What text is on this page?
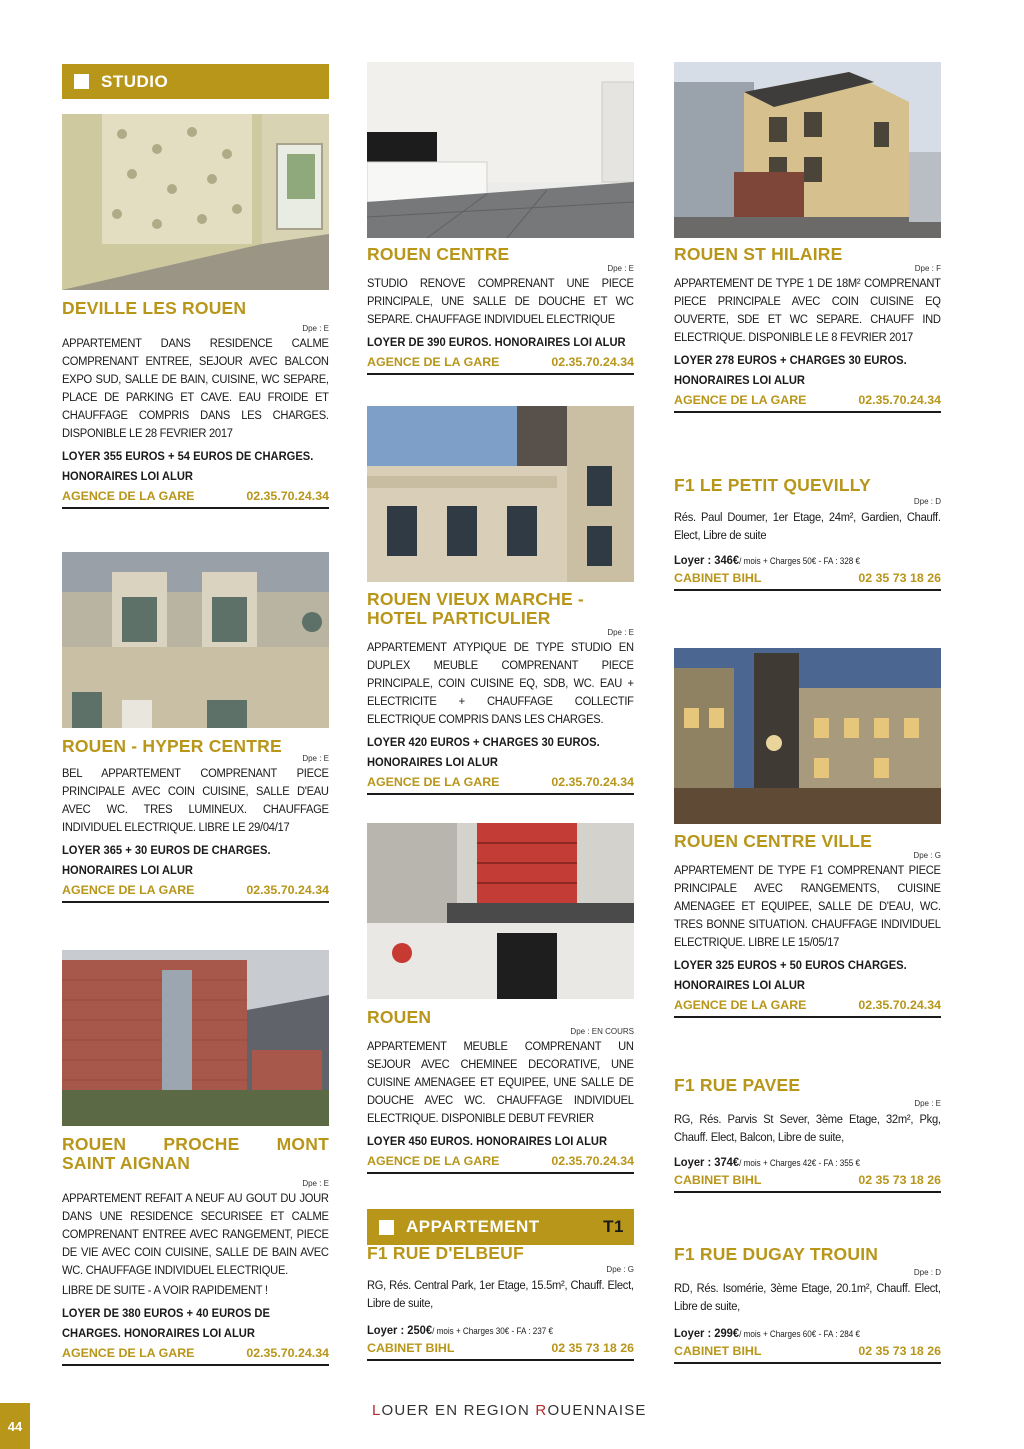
STUDIO
DEVILLE LES ROUEN
Dpe : E

APPARTEMENT DANS RESIDENCE CALME COMPRENANT ENTREE, SEJOUR AVEC BALCON EXPO SUD, SALLE DE BAIN, CUISINE, WC SEPARE, PLACE DE PARKING ET CAVE. EAU FROIDE ET CHAUFFAGE COMPRIS DANS LES CHARGES. DISPONIBLE LE 28 FEVRIER 2017

LOYER 355 EUROS + 54 EUROS DE CHARGES. HONORAIRES LOI ALUR
AGENCE DE LA GARE	02.35.70.24.34
ROUEN - HYPER CENTRE
Dpe : E

BEL APPARTEMENT COMPRENANT PIECE PRINCIPALE AVEC COIN CUISINE, SALLE D'EAU AVEC WC. TRES LUMINEUX. CHAUFFAGE INDIVIDUEL ELECTRIQUE. LIBRE LE 29/04/17

LOYER 365 + 30 EUROS DE CHARGES. HONORAIRES LOI ALUR
AGENCE DE LA GARE	02.35.70.24.34
ROUEN PROCHE MONT
SAINT AIGNAN
Dpe : E

APPARTEMENT REFAIT A NEUF AU GOUT DU JOUR DANS UNE RESIDENCE SECURISEE ET CALME COMPRENANT ENTREE AVEC RANGEMENT, PIECE DE VIE AVEC COIN CUISINE, SALLE DE BAIN AVEC WC. CHAUFFAGE INDIVIDUEL ELECTRIQUE.

LIBRE DE SUITE - A VOIR RAPIDEMENT !

LOYER DE 380 EUROS + 40 EUROS DE CHARGES. HONORAIRES LOI ALUR
AGENCE DE LA GARE	02.35.70.24.34
ROUEN CENTRE
Dpe : E

STUDIO RENOVE COMPRENANT UNE PIECE PRINCIPALE, UNE SALLE DE DOUCHE ET WC SEPARE. CHAUFFAGE INDIVIDUEL ELECTRIQUE

LOYER DE 390 EUROS. HONORAIRES LOI ALUR
AGENCE DE LA GARE	02.35.70.24.34
ROUEN VIEUX MARCHE - HOTEL PARTICULIER
Dpe : E

APPARTEMENT ATYPIQUE DE TYPE STUDIO EN DUPLEX MEUBLE COMPRENANT PIECE PRINCIPALE, COIN CUISINE EQ, SDB, WC. EAU + ELECTRICITE + CHAUFFAGE COLLECTIF ELECTRIQUE COMPRIS DANS LES CHARGES.

LOYER 420 EUROS + CHARGES 30 EUROS. HONORAIRES LOI ALUR
AGENCE DE LA GARE	02.35.70.24.34
ROUEN
Dpe : EN COURS

APPARTEMENT MEUBLE COMPRENANT UN SEJOUR AVEC CHEMINEE DECORATIVE, UNE CUISINE AMENAGEE ET EQUIPEE, UNE SALLE DE DOUCHE AVEC WC. CHAUFFAGE INDIVIDUEL ELECTRIQUE. DISPONIBLE DEBUT FEVRIER

LOYER 450 EUROS. HONORAIRES LOI ALUR
AGENCE DE LA GARE	02.35.70.24.34
APPARTEMENT	T1
F1 RUE D'ELBEUF
Dpe : G

RG, Rés. Central Park, 1er Etage, 15.5m², Chauff. Elect, Libre de suite,

Loyer : 250€/ mois + Charges 30€ - FA : 237 €
CABINET BIHL	02 35 73 18 26
ROUEN ST HILAIRE
Dpe : F

APPARTEMENT DE TYPE 1 DE 18M² COMPRENANT PIECE PRINCIPALE AVEC COIN CUISINE EQ OUVERTE, SDE ET WC SEPARE. CHAUFF IND ELECTRIQUE. DISPONIBLE LE 8 FEVRIER 2017

LOYER 278 EUROS + CHARGES 30 EUROS. HONORAIRES LOI ALUR
AGENCE DE LA GARE	02.35.70.24.34
F1 LE PETIT QUEVILLY
Dpe : D

Rés. Paul Doumer, 1er Etage, 24m², Gardien, Chauff. Elect, Libre de suite

Loyer : 346€/ mois + Charges 50€ - FA : 328 €
CABINET BIHL	02 35 73 18 26
ROUEN CENTRE VILLE
Dpe : G

APPARTEMENT DE TYPE F1 COMPRENANT PIECE PRINCIPALE AVEC RANGEMENTS, CUISINE AMENAGEE ET EQUIPEE, SALLE DE D'EAU, WC. TRES BONNE SITUATION. CHAUFFAGE INDIVIDUEL ELECTRIQUE. LIBRE LE 15/05/17

LOYER 325 EUROS + 50 EUROS CHARGES. HONORAIRES LOI ALUR
AGENCE DE LA GARE	02.35.70.24.34
F1 RUE PAVEE
Dpe : E

RG, Rés. Parvis St Sever, 3ème Etage, 32m², Pkg, Chauff. Elect, Balcon, Libre de suite,

Loyer : 374€/ mois + Charges 42€ - FA : 355 €
CABINET BIHL	02 35 73 18 26
F1 RUE DUGAY TROUIN
Dpe : D

RD, Rés. Isomérie, 3ème Etage, 20.1m², Chauff. Elect, Libre de suite,

Loyer : 299€/ mois + Charges 60€ - FA : 284 €
CABINET BIHL	02 35 73 18 26
44
LOUER EN REGION ROUENNAISE
